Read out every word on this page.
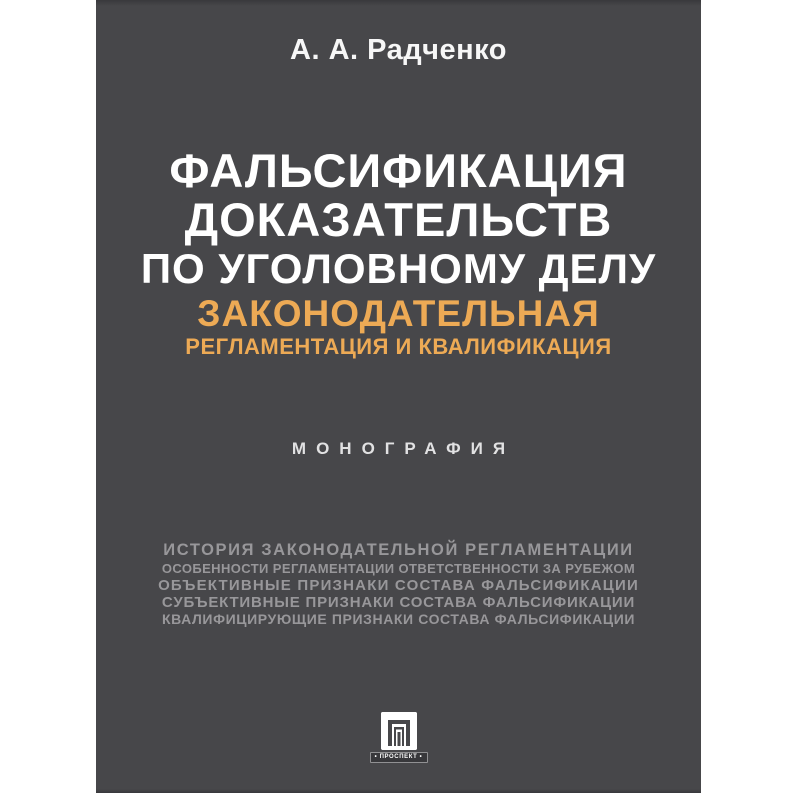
А. А. Радченко
ФАЛЬСИФИКАЦИЯ
ДОКАЗАТЕЛЬСТВ
ПО УГОЛОВНОМУ ДЕЛУ
ЗАКОНОДАТЕЛЬНАЯ
РЕГЛАМЕНТАЦИЯ И КВАЛИФИКАЦИЯ
МОНОГРАФИЯ
ИСТОРИЯ ЗАКОНОДАТЕЛЬНОЙ РЕГЛАМЕНТАЦИИ
ОСОБЕННОСТИ РЕГЛАМЕНТАЦИИ ОТВЕТСТВЕННОСТИ ЗА РУБЕЖОМ
ОБЪЕКТИВНЫЕ ПРИЗНАКИ СОСТАВА ФАЛЬСИФИКАЦИИ
СУБЪЕКТИВНЫЕ ПРИЗНАКИ СОСТАВА ФАЛЬСИФИКАЦИИ
КВАЛИФИЦИРУЮЩИЕ ПРИЗНАКИ СОСТАВА ФАЛЬСИФИКАЦИИ
• ПРОСПЕКТ •
